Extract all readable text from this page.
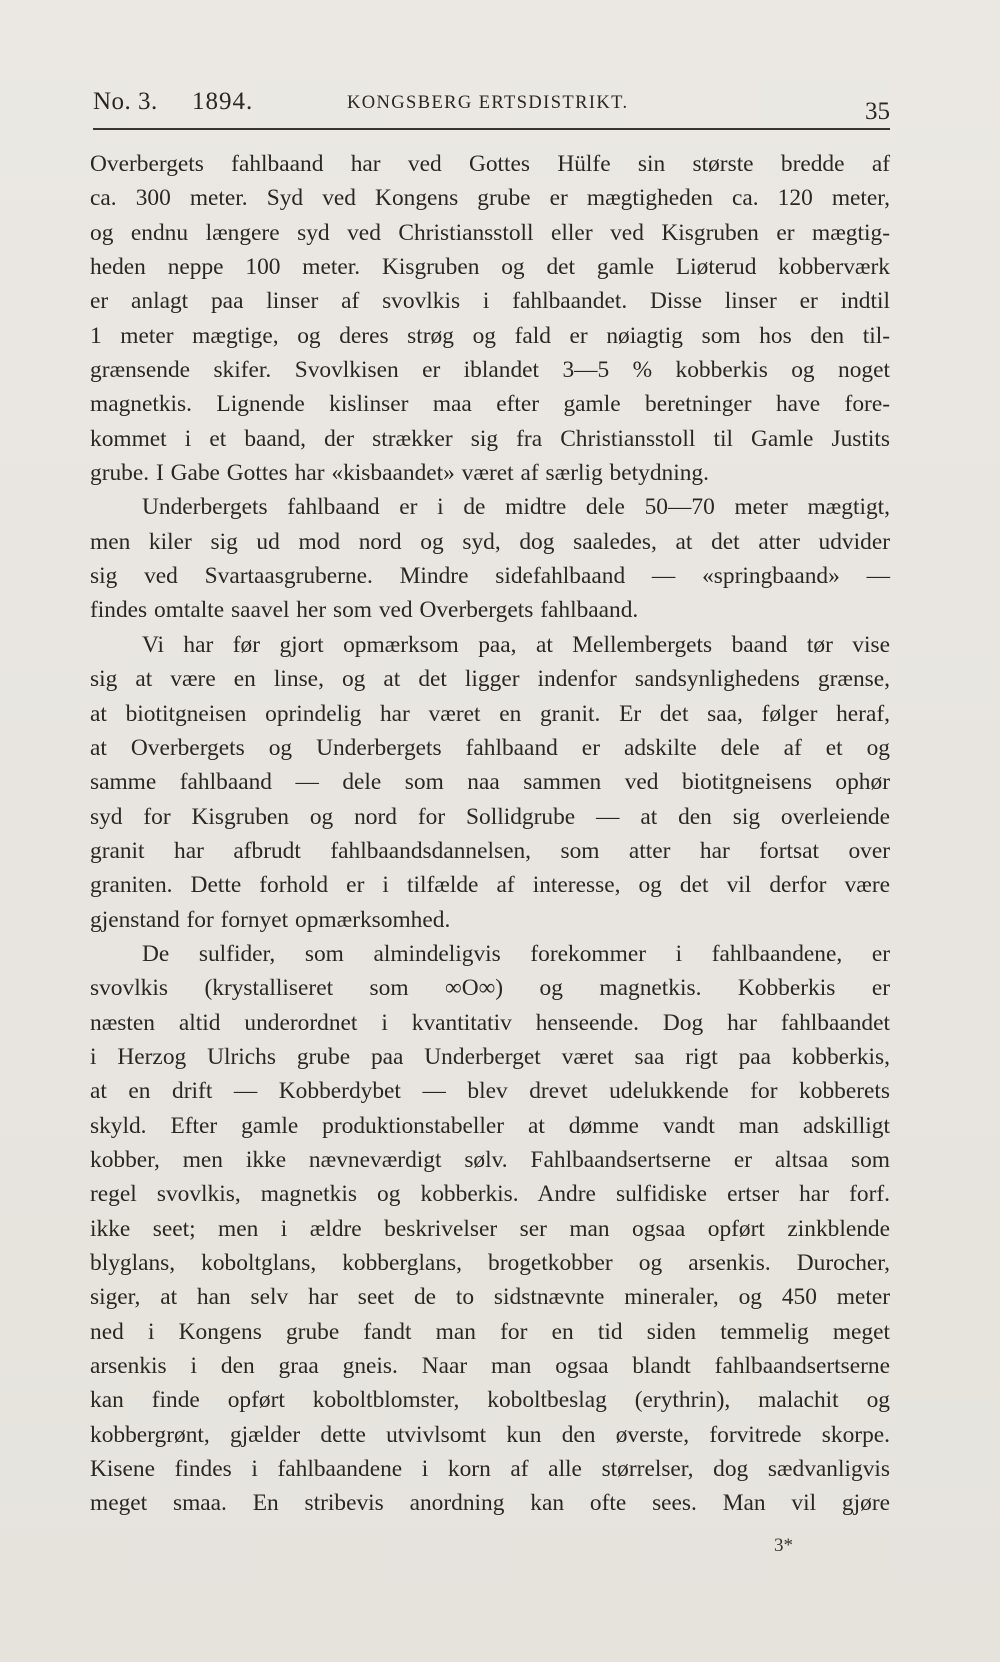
No. 3. 1894.	KONGSBERG ERTSDISTRIKT.	35
Overbergets fahlbaand har ved Gottes Hülfe sin største bredde af
ca. 300 meter. Syd ved Kongens grube er mægtigheden ca. 120 meter,
og endnu længere syd ved Christiansstoll eller ved Kisgruben er mægtig-
heden neppe 100 meter. Kisgruben og det gamle Liøterud kobberværk
er anlagt paa linser af svovlkis i fahlbaandet. Disse linser er indtil
1 meter mægtige, og deres strøg og fald er nøiagtig som hos den til-
grænsende skifer. Svovlkisen er iblandet 3—5 % kobberkis og noget
magnetkis. Lignende kislinser maa efter gamle beretninger have fore-
kommet i et baand, der strækker sig fra Christiansstoll til Gamle Justits
grube. I Gabe Gottes har «kisbaandet» været af særlig betydning.
Underbergets fahlbaand er i de midtre dele 50—70 meter mægtigt,
men kiler sig ud mod nord og syd, dog saaledes, at det atter udvider
sig ved Svartaasgruberne. Mindre sidefahlbaand — «springbaand» —
findes omtalte saavel her som ved Overbergets fahlbaand.
Vi har før gjort opmærksom paa, at Mellembergets baand tør vise
sig at være en linse, og at det ligger indenfor sandsynlighedens grænse,
at biotitgneisen oprindelig har været en granit. Er det saa, følger heraf,
at Overbergets og Underbergets fahlbaand er adskilte dele af et og
samme fahlbaand — dele som naa sammen ved biotitgneisens ophør
syd for Kisgruben og nord for Sollidgrube — at den sig overleiende
granit har afbrudt fahlbaandsdannelsen, som atter har fortsat over
graniten. Dette forhold er i tilfælde af interesse, og det vil derfor være
gjenstand for fornyet opmærksomhed.
De sulfider, som almindeligvis forekommer i fahlbaandene, er
svovlkis (krystalliseret som ∞O∞) og magnetkis. Kobberkis er
næsten altid underordnet i kvantitativ henseende. Dog har fahlbaandet
i Herzog Ulrichs grube paa Underberget været saa rigt paa kobberkis,
at en drift — Kobberdybet — blev drevet udelukkende for kobberets
skyld. Efter gamle produktionstabeller at dømme vandt man adskilligt
kobber, men ikke nævneværdigt sølv. Fahlbaandsertserne er altsaa som
regel svovlkis, magnetkis og kobberkis. Andre sulfidiske ertser har forf.
ikke seet; men i ældre beskrivelser ser man ogsaa opført zinkblende
blyglans, koboltglans, kobberglans, brogetkobber og arsenkis. Durocher,
siger, at han selv har seet de to sidstnævnte mineraler, og 450 meter
ned i Kongens grube fandt man for en tid siden temmelig meget
arsenkis i den graa gneis. Naar man ogsaa blandt fahlbaandsertserne
kan finde opført koboltblomster, koboltbeslag (erythrin), malachit og
kobbergrønt, gjælder dette utvivlsomt kun den øverste, forvitrede skorpe.
Kisene findes i fahlbaandene i korn af alle størrelser, dog sædvanligvis
meget smaa. En stribevis anordning kan ofte sees. Man vil gjøre
3*
